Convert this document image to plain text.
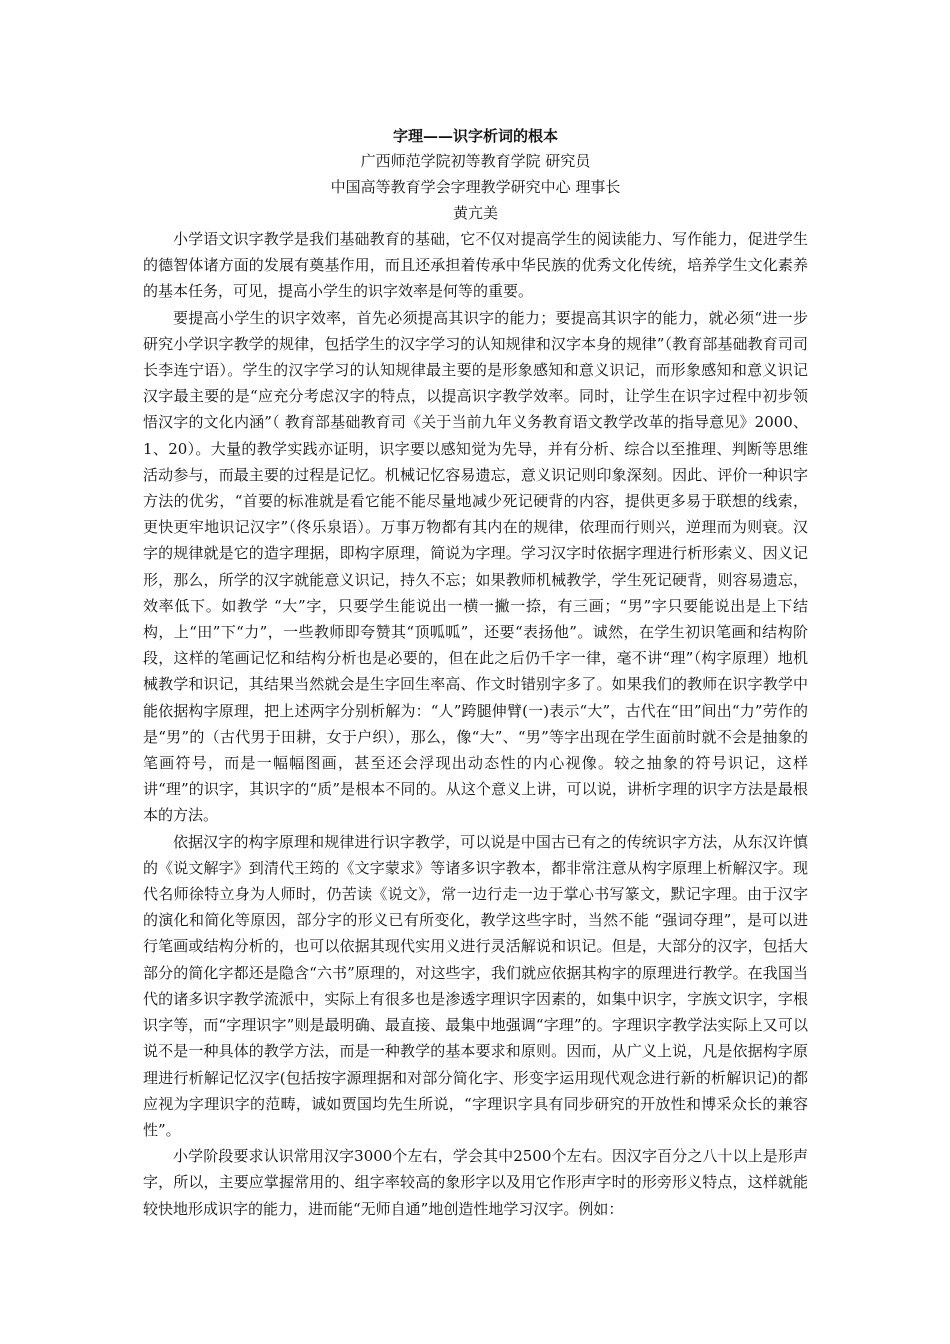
字理——识字析词的根本

广西师范学院初等教育学院 研究员

中国高等教育学会字理教学研究中心 理事长

黄亢美

小学语文识字教学是我们基础教育的基础，它不仅对提高学生的阅读能力、写作能力，促进学生的德智体诸方面的发展有奠基作用，而且还承担着传承中华民族的优秀文化传统，培养学生文化素养的基本任务，可见，提高小学生的识字效率是何等的重要。

要提高小学生的识字效率，首先必须提高其识字的能力；要提高其识字的能力，就必须“进一步研究小学识字教学的规律，包括学生的汉字学习的认知规律和汉字本身的规律”（教育部基础教育司司长李连宁语）。学生的汉字学习的认知规律最主要的是形象感知和意义识记，而形象感知和意义识记汉字最主要的是“应充分考虑汉字的特点，以提高识字教学效率。同时，让学生在识字过程中初步领悟汉字的文化内涵”（ 教育部基础教育司《关于当前九年义务教育语文教学改革的指导意见》2000、1、20）。大量的教学实践亦证明，识字要以感知觉为先导，并有分析、综合以至推理、判断等思维活动参与，而最主要的过程是记忆。机械记忆容易遗忘，意义识记则印象深刻。因此、评价一种识字方法的优劣，“首要的标准就是看它能不能尽量地减少死记硬背的内容，提供更多易于联想的线索，更快更牢地识记汉字”（佟乐泉语）。万事万物都有其内在的规律，依理而行则兴，逆理而为则衰。汉字的规律就是它的造字理据，即构字原理，简说为字理。学习汉字时依据字理进行析形索义、因义记形，那么，所学的汉字就能意义识记，持久不忘；如果教师机械教学，学生死记硬背，则容易遗忘，效率低下。如教学 “大”字，只要学生能说出一横一撇一捺，有三画；“男”字只要能说出是上下结构，上“田”下“力”，一些教师即夸赞其“顶呱呱”，还要“表扬他”。诚然，在学生初识笔画和结构阶段，这样的笔画记忆和结构分析也是必要的，但在此之后仍千字一律，毫不讲“理”（构字原理）地机械教学和识记，其结果当然就会是生字回生率高、作文时错别字多了。如果我们的教师在识字教学中能依据构字原理，把上述两字分别析解为：“人”跨腿伸臂(一)表示“大”，古代在“田”间出“力”劳作的是“男”的（古代男于田耕，女于户织），那么，像“大”、“男”等字出现在学生面前时就不会是抽象的笔画符号，而是一幅幅图画，甚至还会浮现出动态性的内心视像。较之抽象的符号识记，这样讲“理”的识字，其识字的“质”是根本不同的。从这个意义上讲，可以说，讲析字理的识字方法是最根本的方法。

依据汉字的构字原理和规律进行识字教学，可以说是中国古已有之的传统识字方法，从东汉许慎的《说文解字》到清代王筠的《文字蒙求》等诸多识字教本，都非常注意从构字原理上析解汉字。现代名师徐特立身为人师时，仍苦读《说文》，常一边行走一边于掌心书写篆文，默记字理。由于汉字的演化和简化等原因，部分字的形义已有所变化，教学这些字时，当然不能 “强词夺理”，是可以进行笔画或结构分析的，也可以依据其现代实用义进行灵活解说和识记。但是，大部分的汉字，包括大部分的简化字都还是隐含“六书”原理的，对这些字，我们就应依据其构字的原理进行教学。在我国当代的诸多识字教学流派中，实际上有很多也是渗透字理识字因素的，如集中识字，字族文识字，字根识字等，而“字理识字”则是最明确、最直接、最集中地强调“字理”的。字理识字教学法实际上又可以说不是一种具体的教学方法，而是一种教学的基本要求和原则。因而，从广义上说，凡是依据构字原理进行析解记忆汉字(包括按字源理据和对部分简化字、形变字运用现代观念进行新的析解识记)的都应视为字理识字的范畴，诚如贾国均先生所说，“字理识字具有同步研究的开放性和博采众长的兼容性”。

小学阶段要求认识常用汉字3000个左右，学会其中2500个左右。因汉字百分之八十以上是形声字，所以，主要应掌握常用的、组字率较高的象形字以及用它作形声字时的形旁形义特点，这样就能较快地形成识字的能力，进而能“无师自通”地创造性地学习汉字。例如：
